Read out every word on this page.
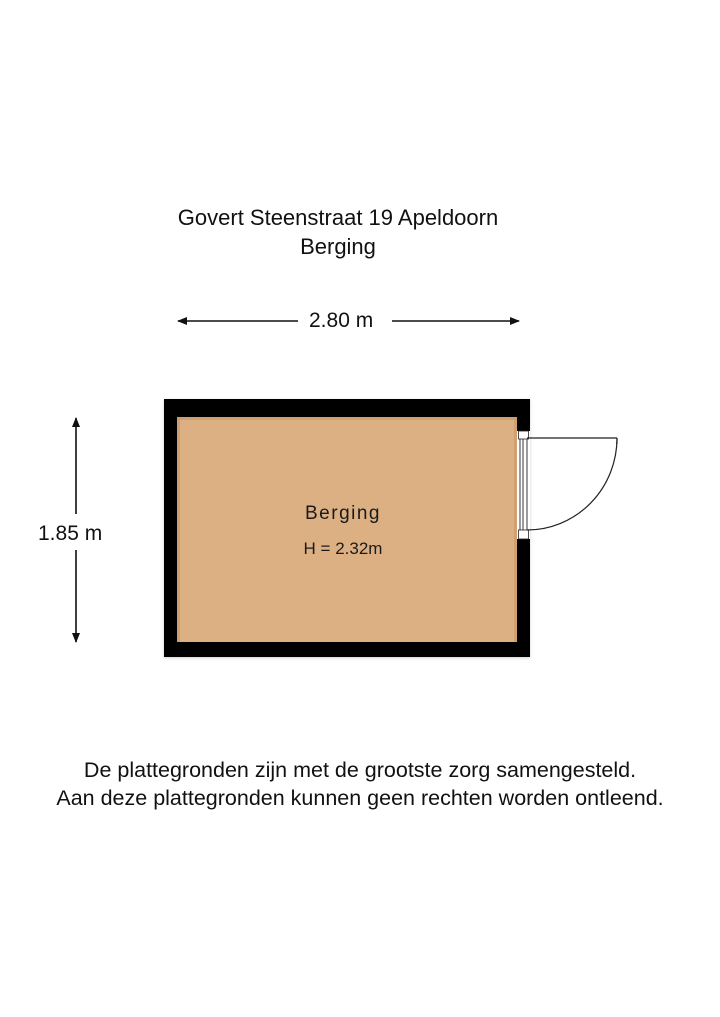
Govert Steenstraat 19 Apeldoorn
Berging
2.80 m
1.85 m
Berging
H = 2.32m
De plattegronden zijn met de grootste zorg samengesteld.
Aan deze plattegronden kunnen geen rechten worden ontleend.
